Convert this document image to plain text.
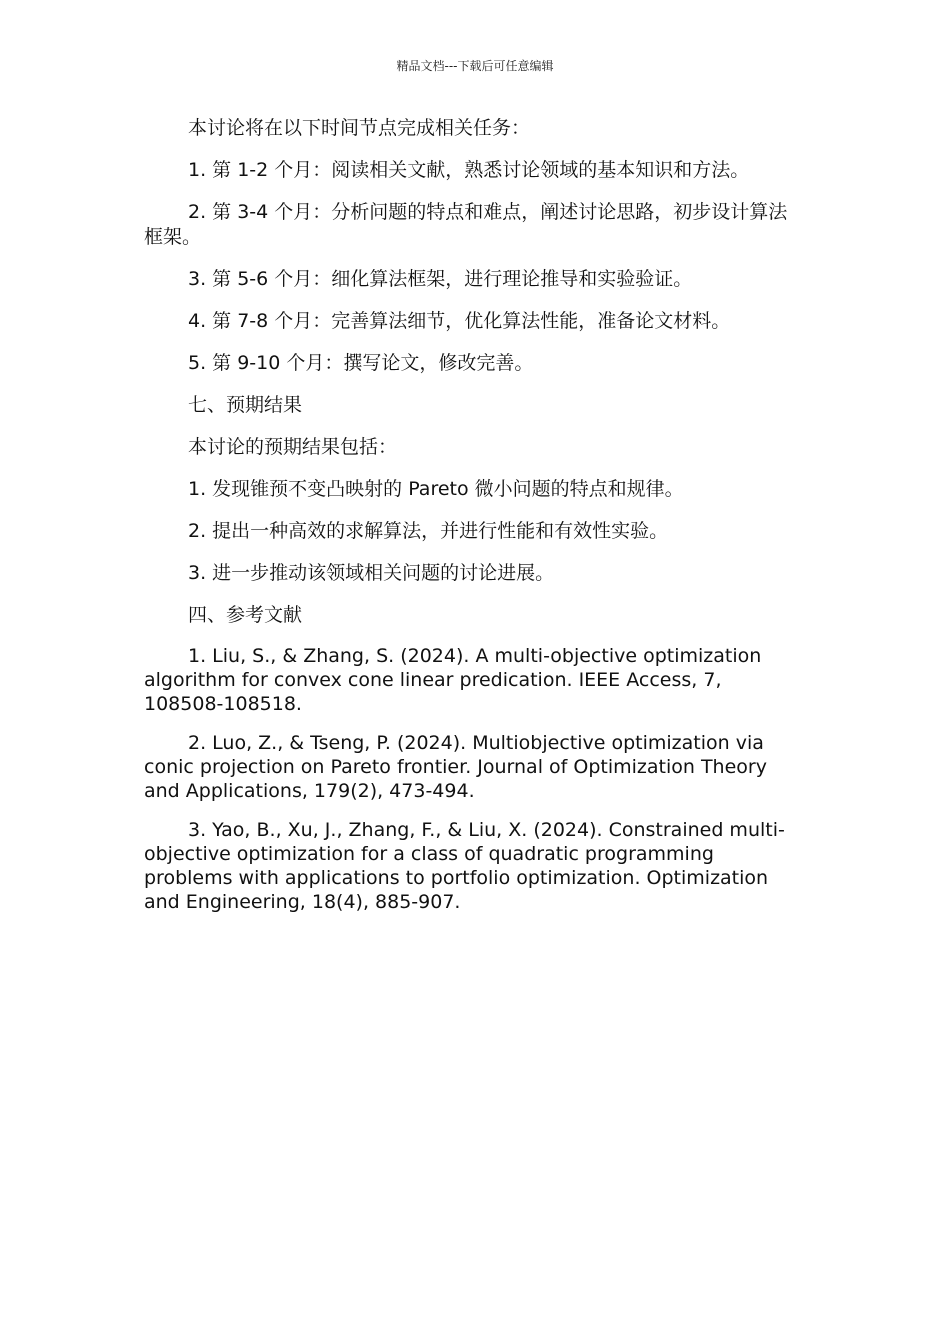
精品文档---下载后可任意编辑

本讨论将在以下时间节点完成相关任务：

1. 第 1-2 个月：阅读相关文献，熟悉讨论领域的基本知识和方法。

2. 第 3-4 个月：分析问题的特点和难点，阐述讨论思路，初步设计算法框架。

3. 第 5-6 个月：细化算法框架，进行理论推导和实验验证。

4. 第 7-8 个月：完善算法细节，优化算法性能，准备论文材料。

5. 第 9-10 个月：撰写论文，修改完善。

七、预期结果

本讨论的预期结果包括：

1. 发现锥预不变凸映射的 Pareto 微小问题的特点和规律。

2. 提出一种高效的求解算法，并进行性能和有效性实验。

3. 进一步推动该领域相关问题的讨论进展。

四、参考文献

1. Liu, S., & Zhang, S. (2024). A multi-objective optimization algorithm for convex cone linear predication. IEEE Access, 7, 108508-108518.

2. Luo, Z., & Tseng, P. (2024). Multiobjective optimization via conic projection on Pareto frontier. Journal of Optimization Theory and Applications, 179(2), 473-494.

3. Yao, B., Xu, J., Zhang, F., & Liu, X. (2024). Constrained multi-objective optimization for a class of quadratic programming problems with applications to portfolio optimization. Optimization and Engineering, 18(4), 885-907.
